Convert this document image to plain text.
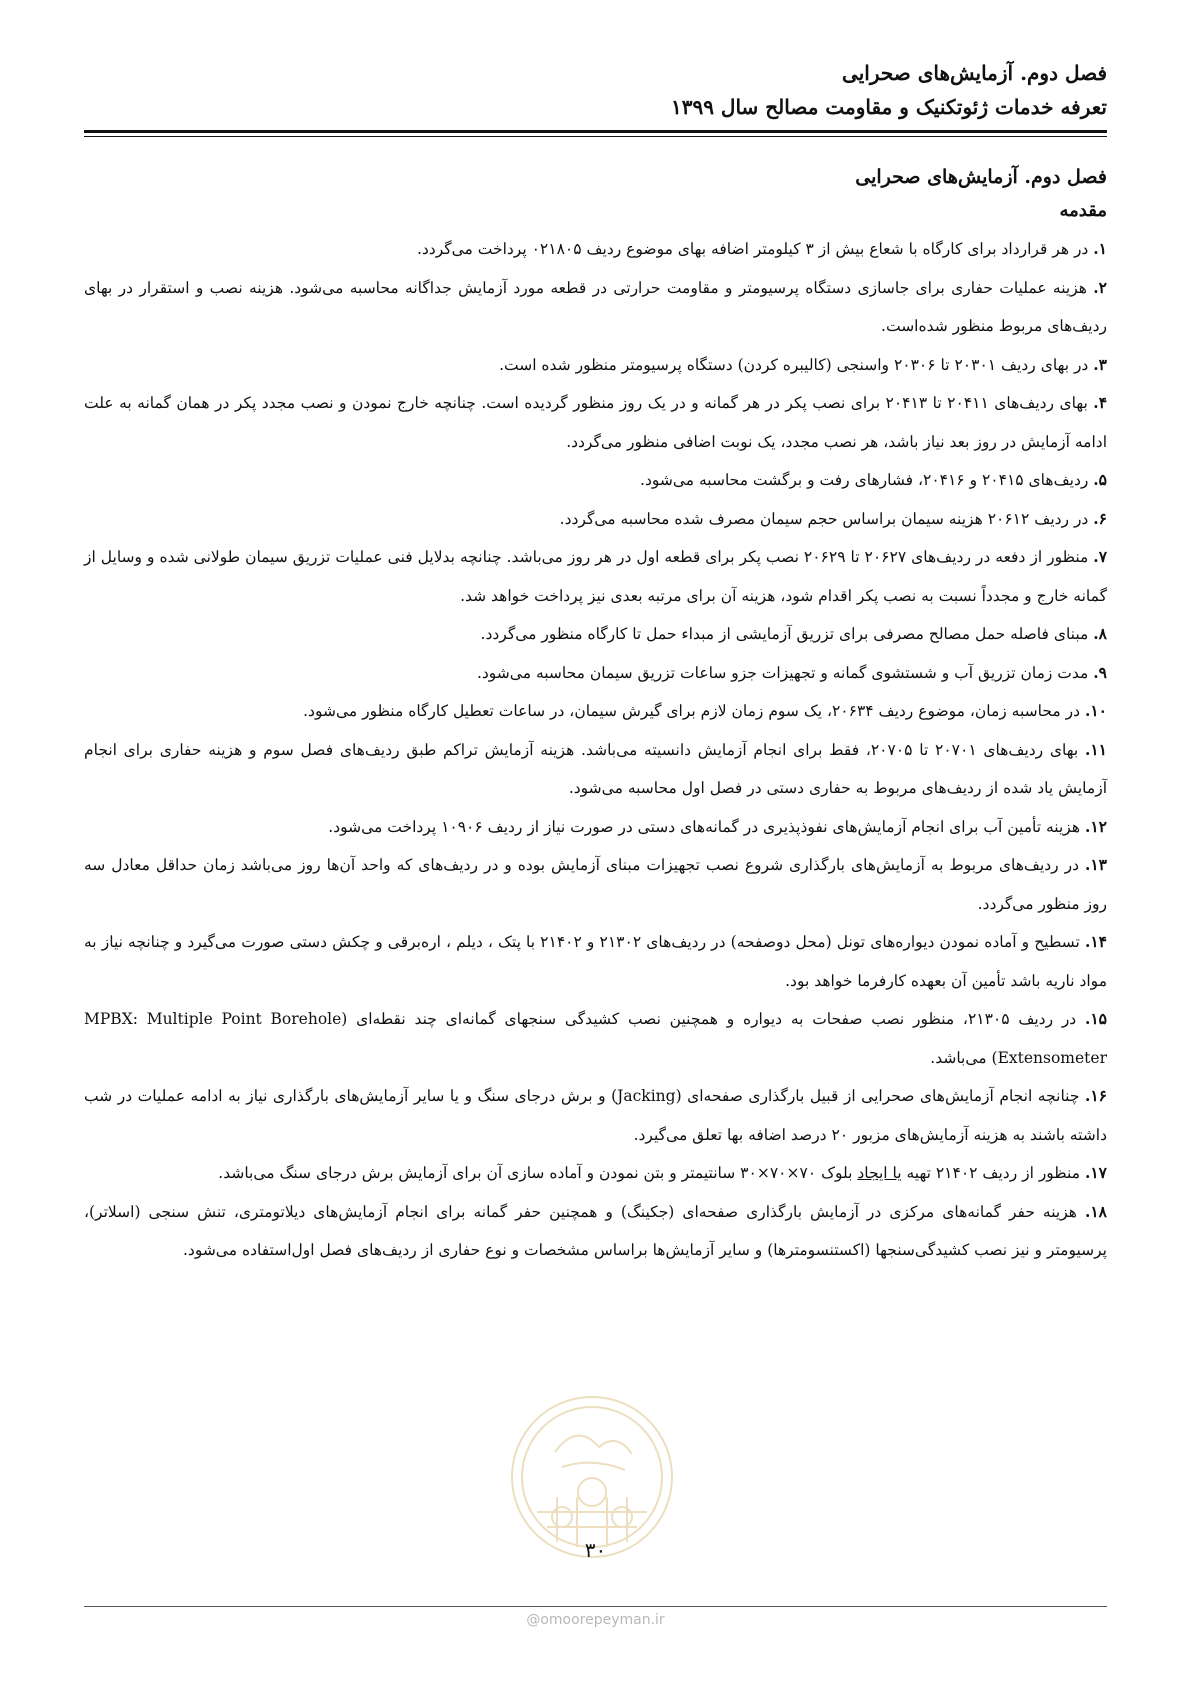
فصل دوم. آزمایش‌های صحرایی
تعرفه خدمات ژئوتکنیک و مقاومت مصالح سال ۱۳۹۹
فصل دوم. آزمایش‌های صحرایی
مقدمه

۱. در هر قرارداد برای کارگاه با شعاع بیش از ۳ کیلومتر اضافه بهای موضوع ردیف ۰۲۱۸۰۵ پرداخت می‌گردد.

۲. هزینه عملیات حفاری برای جاسازی دستگاه پرسیومتر و مقاومت حرارتی در قطعه مورد آزمایش جداگانه محاسبه می‌شود. هزینه نصب و استقرار در بهای ردیف‌های مربوط منظور شده‌است.

۳. در بهای ردیف ۲۰۳۰۱ تا ۲۰۳۰۶ واسنجی (کالیبره کردن) دستگاه پرسیومتر منظور شده است.

۴. بهای ردیف‌های ۲۰۴۱۱ تا ۲۰۴۱۳ برای نصب پکر در هر گمانه و در یک روز منظور گردیده است. چنانچه خارج نمودن و نصب مجدد پکر در همان گمانه به علت ادامه آزمایش در روز بعد نیاز باشد، هر نصب مجدد، یک نوبت اضافی منظور می‌گردد.

۵. ردیف‌های ۲۰۴۱۵ و ۲۰۴۱۶، فشارهای رفت و برگشت محاسبه می‌شود.

۶. در ردیف ۲۰۶۱۲ هزینه سیمان براساس حجم سیمان مصرف شده محاسبه می‌گردد.

۷. منظور از دفعه در ردیف‌های ۲۰۶۲۷ تا ۲۰۶۲۹ نصب پکر برای قطعه اول در هر روز می‌باشد. چنانچه بدلایل فنی عملیات تزریق سیمان طولانی شده و وسایل از گمانه خارج و مجدداً نسبت به نصب پکر اقدام شود، هزینه آن برای مرتبه بعدی نیز پرداخت خواهد شد.

۸. مبنای فاصله حمل مصالح مصرفی برای تزریق آزمایشی از مبداء حمل تا کارگاه منظور می‌گردد.

۹. مدت زمان تزریق آب و شستشوی گمانه و تجهیزات جزو ساعات تزریق سیمان محاسبه می‌شود.

۱۰. در محاسبه زمان، موضوع ردیف ۲۰۶۳۴، یک سوم زمان لازم برای گیرش سیمان، در ساعات تعطیل کارگاه منظور می‌شود.

۱۱. بهای ردیف‌های ۲۰۷۰۱ تا ۲۰۷۰۵، فقط برای انجام آزمایش دانسیته می‌باشد. هزینه آزمایش تراکم طبق ردیف‌های فصل سوم و هزینه حفاری برای انجام آزمایش یاد شده از ردیف‌های مربوط به حفاری دستی در فصل اول محاسبه می‌شود.

۱۲. هزینه تأمین آب برای انجام آزمایش‌های نفوذپذیری در گمانه‌های دستی در صورت نیاز از ردیف ۱۰۹۰۶ پرداخت می‌شود.

۱۳. در ردیف‌های مربوط به آزمایش‌های بارگذاری شروع نصب تجهیزات مبنای آزمایش بوده و در ردیف‌های که واحد آن‌ها روز می‌باشد زمان حداقل معادل سه روز منظور می‌گردد.

۱۴. تسطیح و آماده نمودن دیواره‌های تونل (محل دوصفحه) در ردیف‌های ۲۱۳۰۲ و ۲۱۴۰۲ با پتک ، دیلم ، اره‌برقی و چکش دستی صورت می‌گیرد و چنانچه نیاز به مواد ناریه باشد تأمین آن بعهده کارفرما خواهد بود.

۱۵. در ردیف ۲۱۳۰۵، منظور نصب صفحات به دیواره و همچنین نصب کشیدگی سنجهای گمانه‌ای چند نقطه‌ای (MPBX: Multiple Point Borehole Extensometer) می‌باشد.

۱۶. چنانچه انجام آزمایش‌های صحرایی از قبیل بارگذاری صفحه‌ای (Jacking) و برش درجای سنگ و یا سایر آزمایش‌های بارگذاری نیاز به ادامه عملیات در شب داشته باشند به هزینه آزمایش‌های مزبور ۲۰ درصد اضافه بها تعلق می‌گیرد.

۱۷. منظور از ردیف ۲۱۴۰۲ تهیه یا ایجاد بلوک ۷۰×۷۰×۳۰ سانتیمتر و بتن نمودن و آماده سازی آن برای آزمایش برش درجای سنگ می‌باشد.

۱۸. هزینه حفر گمانه‌های مرکزی در آزمایش بارگذاری صفحه‌ای (جکینگ) و همچنین حفر گمانه برای انجام آزمایش‌های دیلاتومتری، تنش سنجی (اسلاتر)، پرسیومتر و نیز نصب کشیدگی‌سنجها (اکستنسومترها) و سایر آزمایش‌ها براساس مشخصات و نوع حفاری از ردیف‌های فصل اول‌استفاده می‌شود.

۳۰
@omoorepeyman.ir
